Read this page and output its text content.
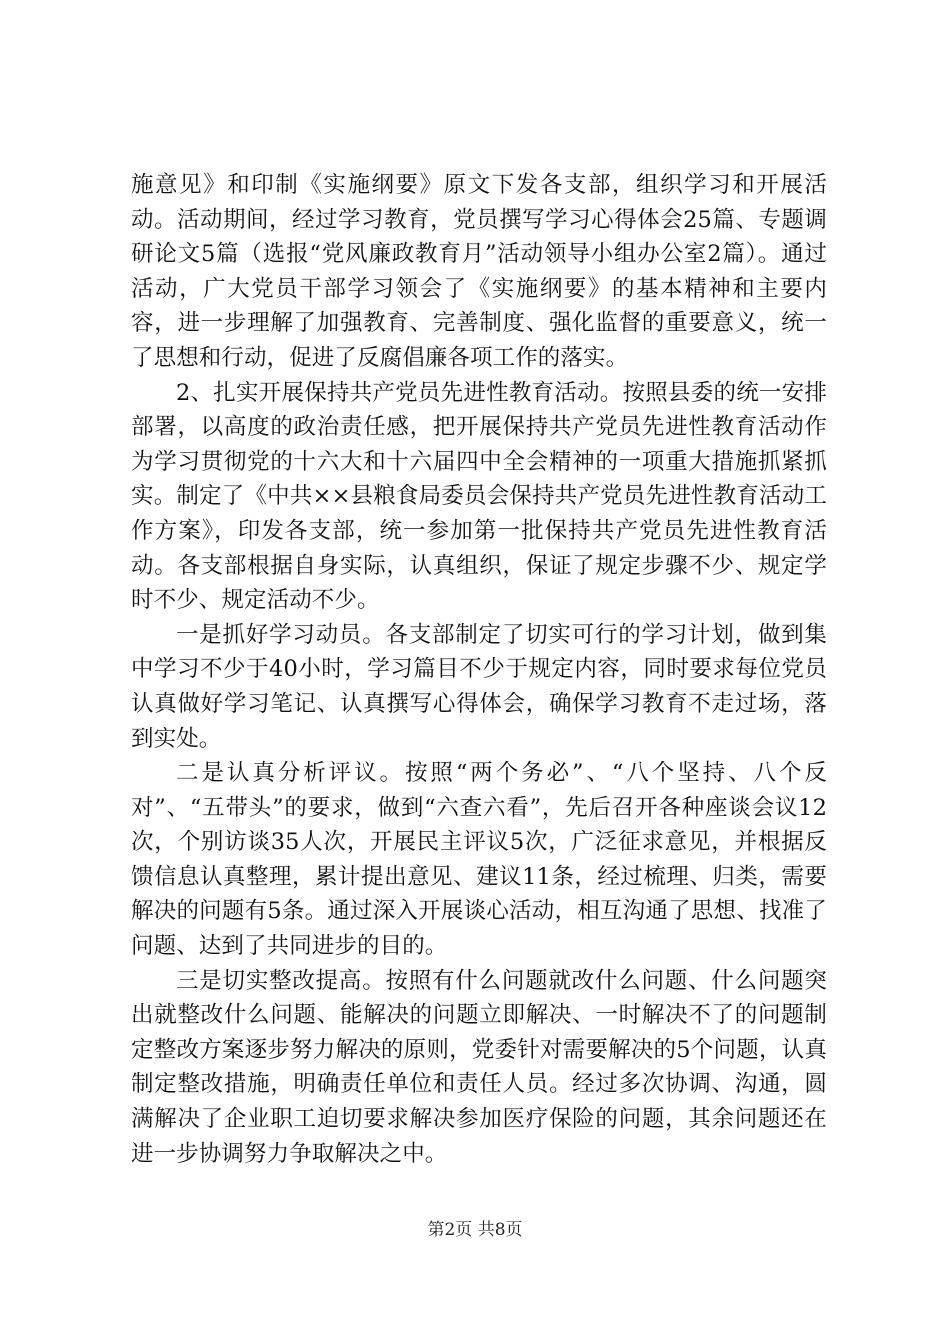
施意见》和印制《实施纲要》原文下发各支部，组织学习和开展活动。活动期间，经过学习教育，党员撰写学习心得体会25篇、专题调研论文5篇（选报“党风廉政教育月”活动领导小组办公室2篇）。通过活动，广大党员干部学习领会了《实施纲要》的基本精神和主要内容，进一步理解了加强教育、完善制度、强化监督的重要意义，统一了思想和行动，促进了反腐倡廉各项工作的落实。

2、扎实开展保持共产党员先进性教育活动。按照县委的统一安排部署，以高度的政治责任感，把开展保持共产党员先进性教育活动作为学习贯彻党的十六大和十六届四中全会精神的一项重大措施抓紧抓实。制定了《中共××县粮食局委员会保持共产党员先进性教育活动工作方案》，印发各支部，统一参加第一批保持共产党员先进性教育活动。各支部根据自身实际，认真组织，保证了规定步骤不少、规定学时不少、规定活动不少。

一是抓好学习动员。各支部制定了切实可行的学习计划，做到集中学习不少于40小时，学习篇目不少于规定内容，同时要求每位党员认真做好学习笔记、认真撰写心得体会，确保学习教育不走过场，落到实处。

二是认真分析评议。按照“两个务必”、“八个坚持、八个反对”、“五带头”的要求，做到“六查六看”，先后召开各种座谈会议12次，个别访谈35人次，开展民主评议5次，广泛征求意见，并根据反馈信息认真整理，累计提出意见、建议11条，经过梳理、归类，需要解决的问题有5条。通过深入开展谈心活动，相互沟通了思想、找准了问题、达到了共同进步的目的。

三是切实整改提高。按照有什么问题就改什么问题、什么问题突出就整改什么问题、能解决的问题立即解决、一时解决不了的问题制定整改方案逐步努力解决的原则，党委针对需要解决的5个问题，认真制定整改措施，明确责任单位和责任人员。经过多次协调、沟通，圆满解决了企业职工迫切要求解决参加医疗保险的问题，其余问题还在进一步协调努力争取解决之中。

第2页 共8页
